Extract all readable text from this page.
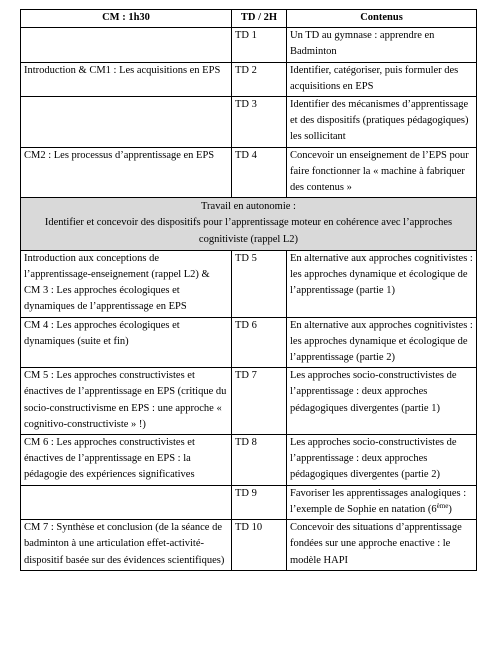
CM : 1h30	TD / 2H	Contenus
	TD 1	Un TD au gymnase : apprendre en Badminton
Introduction & CM1 : Les acquisitions en EPS	TD 2	Identifier, catégoriser, puis formuler des acquisitions en EPS
	TD 3	Identifier des mécanismes d’apprentissage et des dispositifs (pratiques pédagogiques) les sollicitant
CM2 : Les processus d’apprentissage en EPS	TD 4	Concevoir un enseignement de l’EPS pour faire fonctionner la « machine à fabriquer des contenus »

Travail en autonomie :
Identifier et concevoir des dispositifs pour l’apprentissage moteur en cohérence avec l’approches cognitiviste (rappel L2)		

Introduction aux conceptions de l’apprentissage-enseignement (rappel L2) & CM 3 : Les approches écologiques et dynamiques de l’apprentissage en EPS	TD 5	En alternative aux approches cognitivistes : les approches dynamique et écologique de l’apprentissage (partie 1)
CM 4 : Les approches écologiques et dynamiques (suite et fin)	TD 6	En alternative aux approches cognitivistes : les approches dynamique et écologique de l’apprentissage (partie 2)
CM 5 : Les approches constructivistes et énactives de l’apprentissage en EPS (critique du socio-constructivisme en EPS : une approche « cognitivo-constructiviste » !)	TD 7	Les approches socio-constructivistes de l’apprentissage : deux approches pédagogiques divergentes (partie 1)
CM 6 : Les approches constructivistes et énactives de l’apprentissage en EPS : la pédagogie des expériences significatives	TD 8	Les approches socio-constructivistes de l’apprentissage : deux approches pédagogiques divergentes (partie 2)
	TD 9	Favoriser les apprentissages analogiques : l’exemple de Sophie en natation (6ème)
CM 7 : Synthèse et conclusion (de la séance de badminton à une articulation effet-activité-dispositif basée sur des évidences scientifiques)	TD 10	Concevoir des situations d’apprentissage fondées sur une approche enactive : le modèle HAPI
